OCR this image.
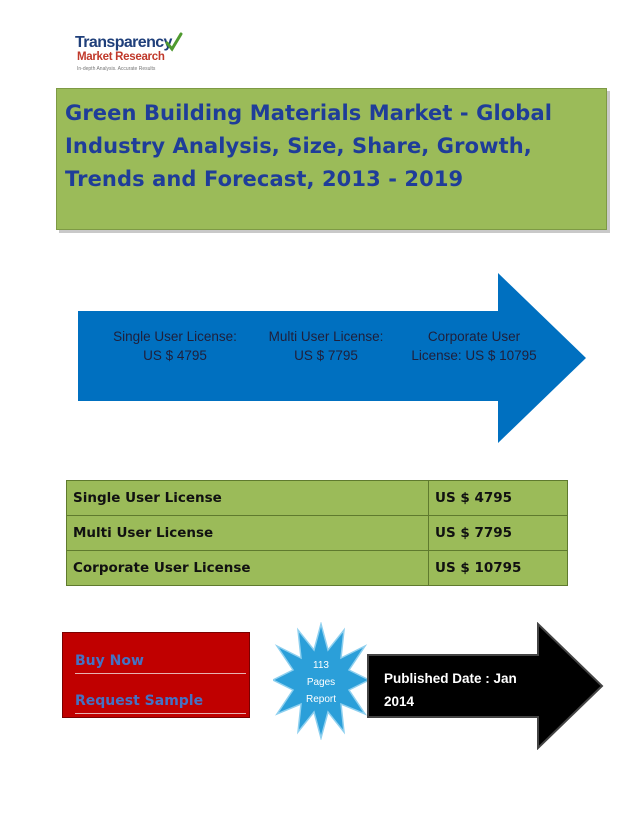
Transparency
Market Research
In-depth Analysis. Accurate Results
Green Building Materials Market - Global Industry Analysis, Size, Share, Growth, Trends and Forecast, 2013 - 2019
Single User License: US $ 4795
Multi User License: US $ 7795
Corporate User License: US $ 10795
Single User License	US $ 4795
Multi User License	US $ 7795
Corporate User License	US $ 10795
Buy Now
Request Sample
113
Pages
Report
Published Date : Jan 2014
